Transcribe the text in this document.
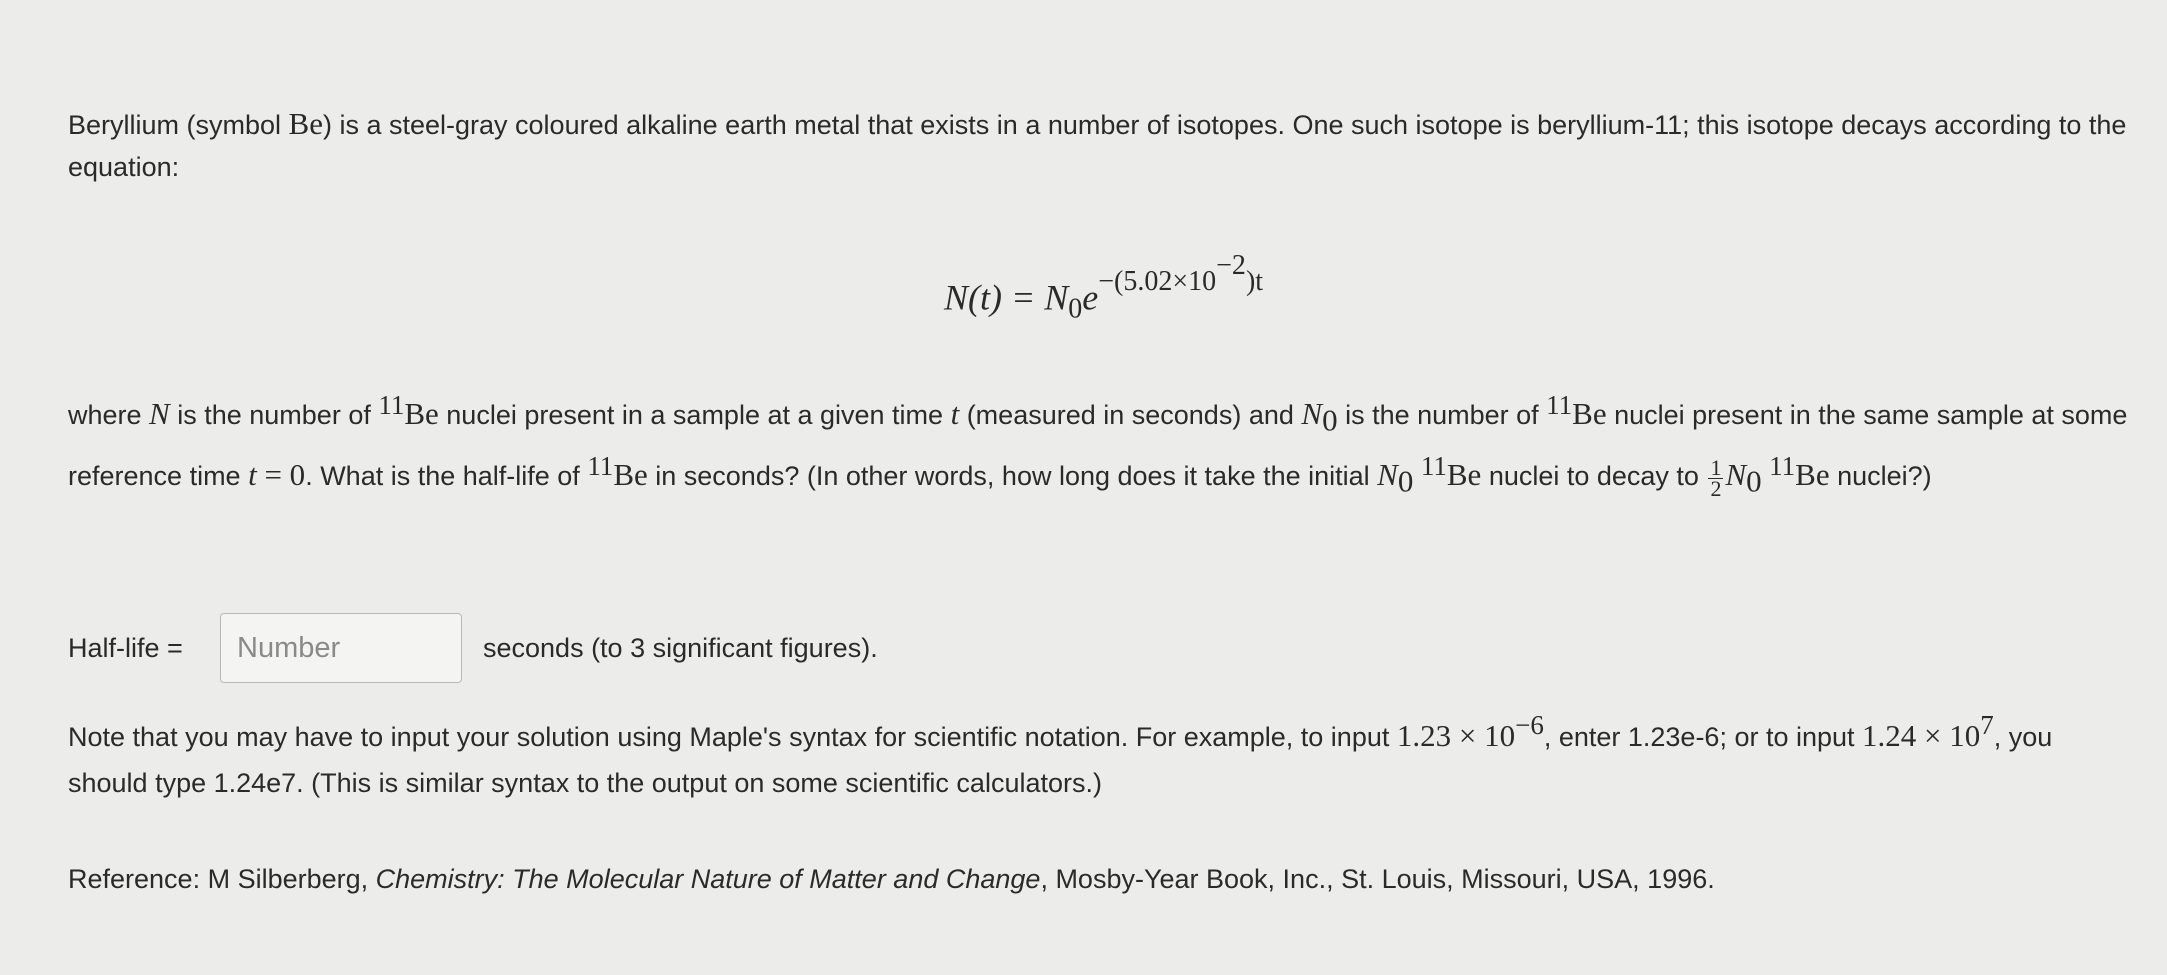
Beryllium (symbol Be) is a steel-gray coloured alkaline earth metal that exists in a number of isotopes. One such isotope is beryllium-11; this isotope decays according to the equation:
$N(t) = N_0e^{-(5.02\times 10^{-2})t}$
where N is the number of $^{11}$Be nuclei present in a sample at a given time t (measured in seconds) and $N_0$ is the number of $^{11}$Be nuclei present in the same sample at some reference time t = 0. What is the half-life of $^{11}$Be in seconds? (In other words, how long does it take the initial $N_0$ $^{11}$Be nuclei to decay to $\frac{1}{2} N_0$ $^{11}$Be nuclei?)
Half-life =
Number	seconds (to 3 significant figures).
Note that you may have to input your solution using Maple's syntax for scientific notation. For example, to input $1.23 \times 10^{-6}$, enter 1.23e-6; or to input $1.24 \times 10^7$, you should type 1.24e7. (This is similar syntax to the output on some scientific calculators.)
Reference: M Silberberg, Chemistry: The Molecular Nature of Matter and Change, Mosby-Year Book, Inc., St. Louis, Missouri, USA, 1996.
